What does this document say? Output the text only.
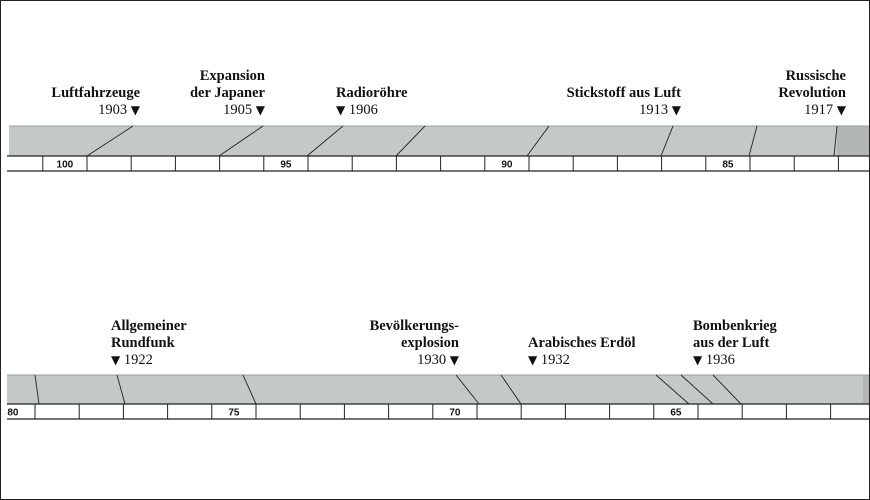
100	95	90	85
Luftfahrzeuge
1903 ▼
Expansion
der Japaner
1905 ▼
Radioröhre
▼ 1906
Stickstoff aus Luft
1913 ▼
Russische
Revolution
1917 ▼
80	75	70	65
Allgemeiner
Rundfunk
▼ 1922
Bevölkerungs-
explosion
1930 ▼
Arabisches Erdöl
▼ 1932
Bombenkrieg
aus der Luft
▼ 1936
